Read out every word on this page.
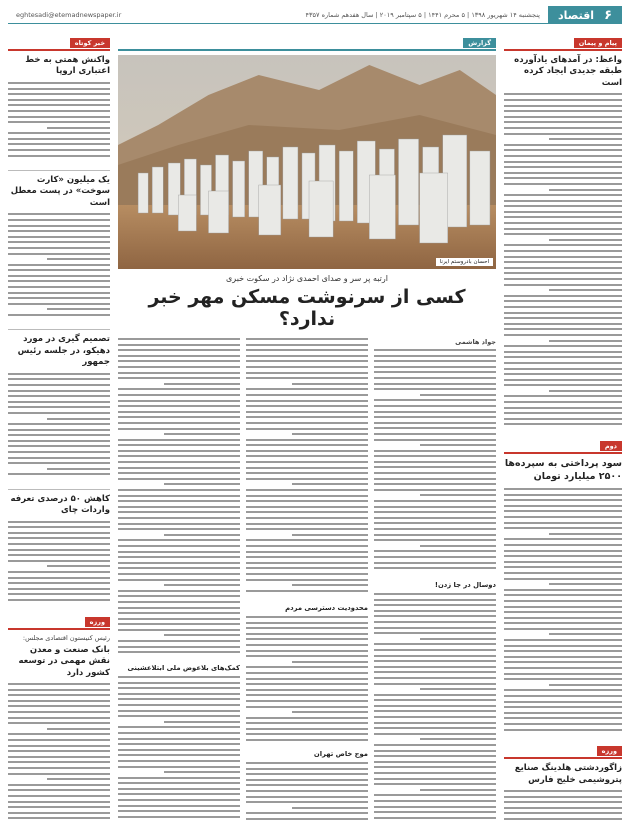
۶
اقتصاد
پنجشنبه ۱۴ شهریور ۱۳۹۸ | ۵ محرم ۱۴۴۱ | ۵ سپتامبر ۲۰۱۹ | سال هفدهم شماره ۴۳۵۷
eghtesadi@etemadnewspaper.ir
پیام و پیمان
واعظ: در آمدهای یادآورده طبقه جدیدی ایجاد کرده است
دوم
سود پرداختی به سپرده‌ها ۲۵۰۰ میلیارد تومان
ورزه
زاگوردشتی هلدینگ صنایع پتروشیمی خلیج فارس
گزارش
احسان بادروستم ایرنا
ارتبه پر سر و صدای احمدی نژاد در سکوت خبری
کسی از سرنوشت مسکن مهر خبر ندارد؟
جواد هاشمی
دوسال در جا زدن!
محدودیت دسترسی مردم
موج خاص تهران
کمک‌های بلاعوض ملی ابتلاعشینی
خبر کوتاه
واکنش همتی به خط اعتباری اروپا
یک میلیون «کارت سوخت» در پست معطل است
تصمیم گیری در مورد دهیکو، در جلسه رئیس جمهور
کاهش ۵۰ درصدی تعرفه واردات چای
ورزه
رئیس کنیستون اقتصادی مجلس:
بانک صنعت و معدن نقش مهمی در توسعه کشور دارد
